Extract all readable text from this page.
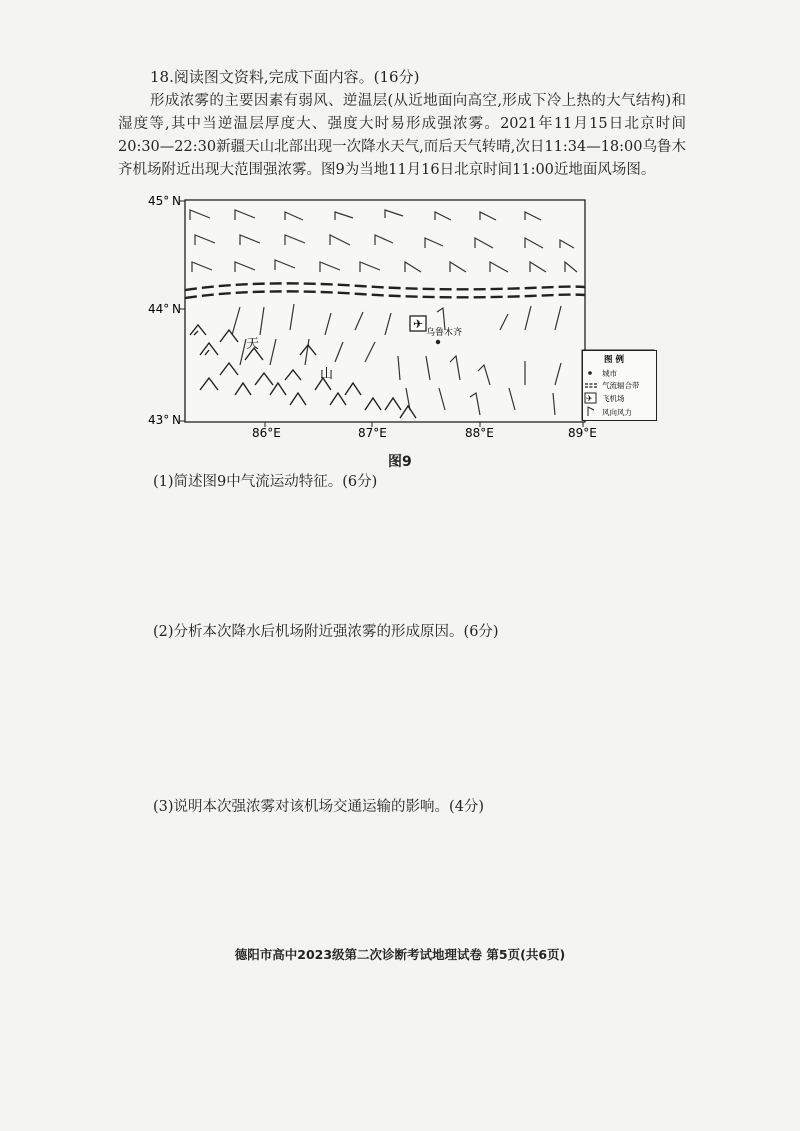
18.阅读图文资料,完成下面内容。(16分)
形成浓雾的主要因素有弱风、逆温层(从近地面向高空,形成下冷上热的大气结构)和湿度等,其中当逆温层厚度大、强度大时易形成强浓雾。2021年11月15日北京时间20:30—22:30新疆天山北部出现一次降水天气,而后天气转晴,次日11:34—18:00乌鲁木齐机场附近出现大范围强浓雾。图9为当地11月16日北京时间11:00近地面风场图。
45° N
44° N
43° N
86°E	87°E	88°E	89°E
天
山
✈
乌鲁木齐
图 例
城市
气流辐合带
✈ 飞机场
风向风力
图9
(1)简述图9中气流运动特征。(6分)
(2)分析本次降水后机场附近强浓雾的形成原因。(6分)
(3)说明本次强浓雾对该机场交通运输的影响。(4分)
德阳市高中2023级第二次诊断考试地理试卷 第5页(共6页)
